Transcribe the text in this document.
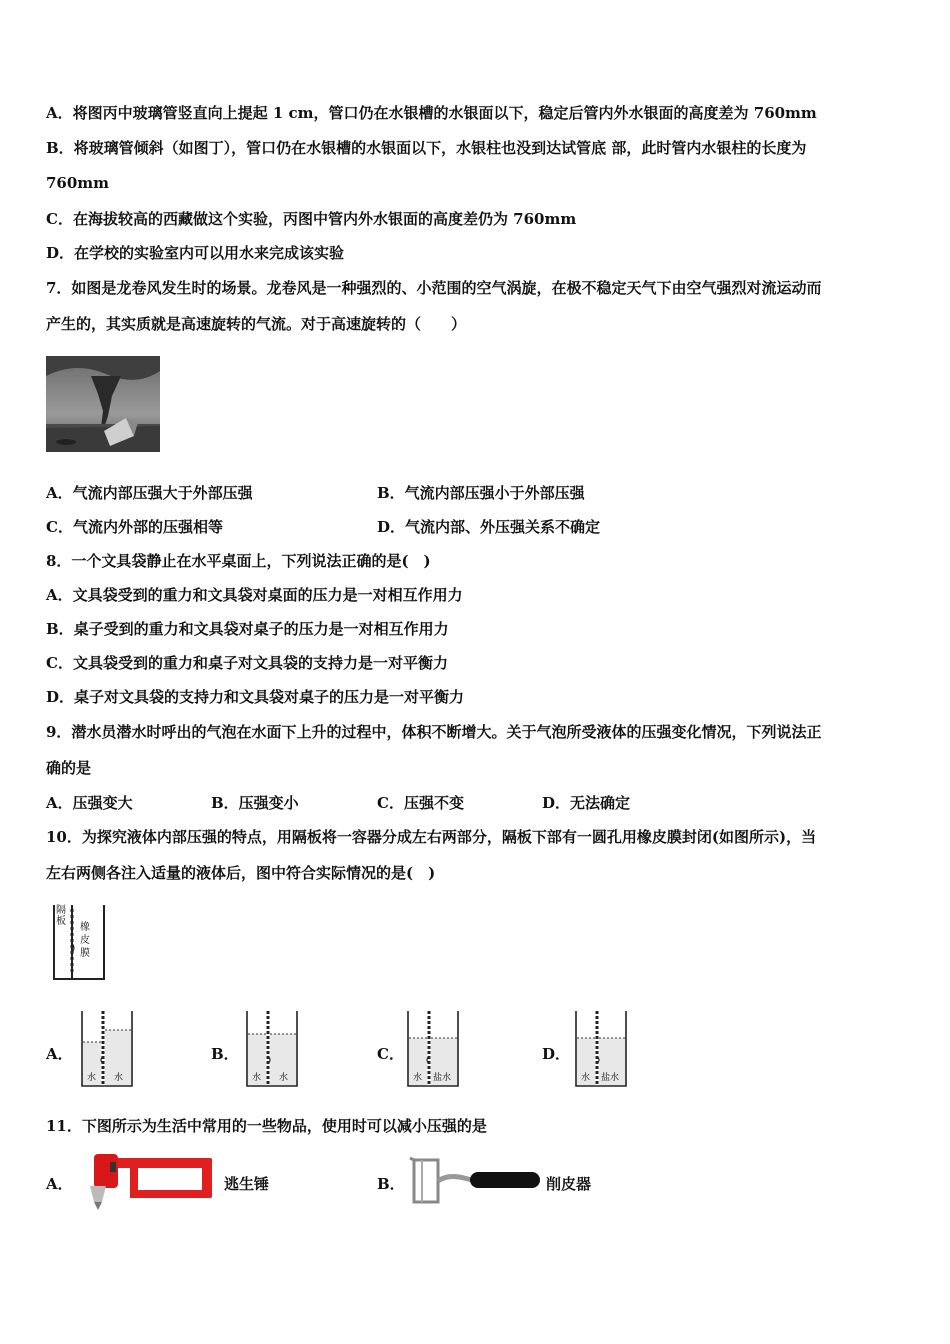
A．将图丙中玻璃管竖直向上提起 1 cm，管口仍在水银槽的水银面以下，稳定后管内外水银面的高度差为 760mm
B．将玻璃管倾斜（如图丁），管口仍在水银槽的水银面以下，水银柱也没到达试管底 部，此时管内水银柱的长度为
760mm
C．在海拔较高的西藏做这个实验，丙图中管内外水银面的高度差仍为 760mm
D．在学校的实验室内可以用水来完成该实验
7．如图是龙卷风发生时的场景。龙卷风是一种强烈的、小范围的空气涡旋，在极不稳定天气下由空气强烈对流运动而
产生的，其实质就是高速旋转的气流。对于高速旋转的（　　）
A．气流内部压强大于外部压强	B．气流内部压强小于外部压强
C．气流内外部的压强相等	D．气流内部、外压强关系不确定
8．一个文具袋静止在水平桌面上，下列说法正确的是(　)
A．文具袋受到的重力和文具袋对桌面的压力是一对相互作用力
B．桌子受到的重力和文具袋对桌子的压力是一对相互作用力
C．文具袋受到的重力和桌子对文具袋的支持力是一对平衡力
D．桌子对文具袋的支持力和文具袋对桌子的压力是一对平衡力
9．潜水员潜水时呼出的气泡在水面下上升的过程中，体积不断增大。关于气泡所受液体的压强变化情况，下列说法正
确的是
A．压强变大	B．压强变小	C．压强不变	D．无法确定
10．为探究液体内部压强的特点，用隔板将一容器分成左右两部分，隔板下部有一圆孔用橡皮膜封闭(如图所示)，当
左右两侧各注入适量的液体后，图中符合实际情况的是(　)
隔板
橡皮膜
A．
水 水
B．
水 水
C．
水 盐水
D．
水 盐水
11．下图所示为生活中常用的一些物品，使用时可以减小压强的是
A．	逃生锤	B．	削皮器
